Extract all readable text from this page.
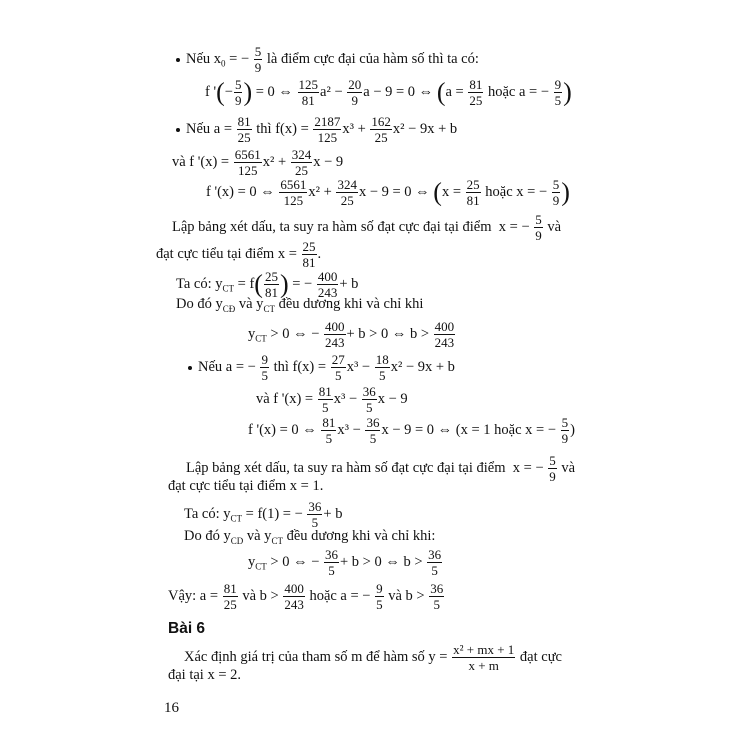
Nếu $x_0$ = − $\frac{5}{9}$ là điểm cực đại của hàm số thì ta có:
f '(− $\frac{5}{9}$ ) = 0 ⇔ $\frac{125}{81} a^2 - \frac{20}{9}$ a − 9 = 0 ⇔ ($a = \frac{81}{25}$ hoặc a = − $\frac{9}{5}$ )
Nếu $a = \frac{81}{25}$ thì $f(x) = \frac{2187}{125} x^3 + \frac{162}{25} x^2 - 9x + b$
và f '$(x) = \frac{6561}{125} x^2 + \frac{324}{25}$ x − 9
f '(x) = 0 ⇔ $\frac{6561}{125} x^2 + \frac{324}{25}$ x − 9 = 0 ⇔ ($x = \frac{25}{81}$ hoặc x = − $\frac{5}{9}$ )
Lập bảng xét dấu, ta suy ra hàm số đạt cực đại tại điểm x = − $\frac{5}{9}$ và
đạt cực tiểu tại điểm $x = \frac{25}{81}$ .
Ta có: $y_{CT} = f( \frac{25}{81}$ ) = − $\frac{400}{243} + b$
Do đó $y_{CĐ}$ và $y_{CT}$ đều dương khi và chỉ khi
$y_{CT} > 0$ ⇔ − $\frac{400}{243} + b > 0$ ⇔ $b > \frac{400}{243}$
Nếu a = − $\frac{9}{5}$ thì $f(x) = \frac{27}{5} x^3 - \frac{18}{5} x^2 - 9x + b$
và f '$(x) = \frac{81}{5} x^3 - \frac{36}{5}$ x − 9
f '(x) = 0 ⇔ $\frac{81}{5} x^3 - \frac{36}{5}$ x − 9 = 0 ⇔ (x = 1 hoặc x = − $\frac{5}{9}$ )
Lập bảng xét dấu, ta suy ra hàm số đạt cực đại tại điểm x = − $\frac{5}{9}$ và
đạt cực tiểu tại điểm x = 1.
Ta có: $y_{CT} = f(1)$ = − $\frac{36}{5} + b$
Do đó $y_{CD}$ và $y_{CT}$ đều dương khi và chỉ khi:
$y_{CT} > 0$ ⇔ − $\frac{36}{5} + b > 0$ ⇔ $b > \frac{36}{5}$
Vậy: $a = \frac{81}{25}$ và $b > \frac{400}{243}$ hoặc a = − $\frac{9}{5}$ và $b > \frac{36}{5}$
Bài 6
Xác định giá trị của tham số m để hàm số $y = \frac{\text{x² + mx + 1}}{x + m}$ đạt cực
đại tại x = 2.
16
